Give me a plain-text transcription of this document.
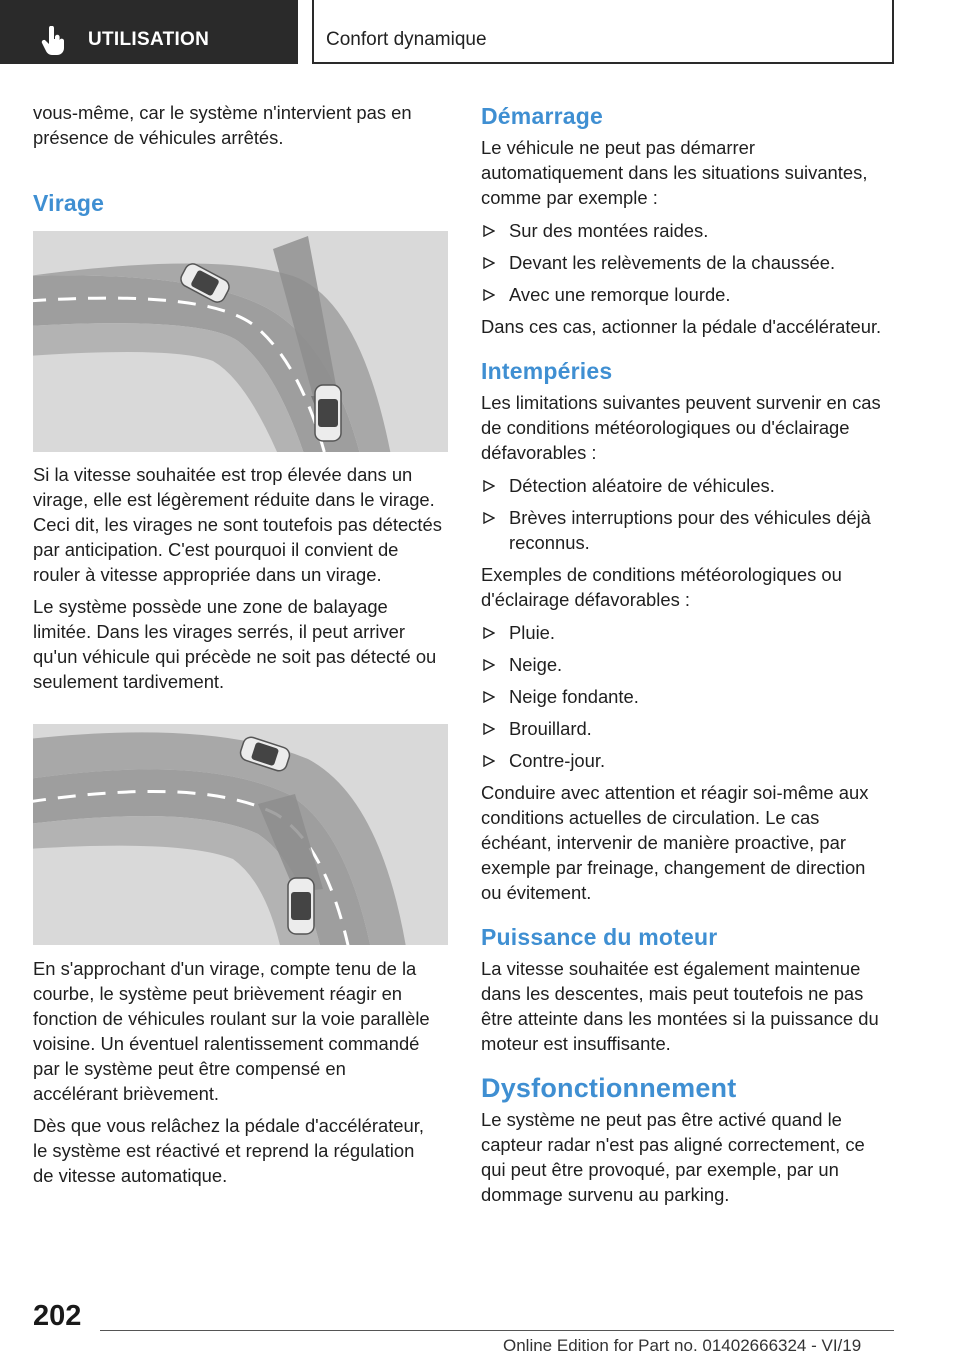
UTILISATION	Confort dynamique

vous-même, car le système n'intervient pas en présence de véhicules arrêtés.

Virage

Si la vitesse souhaitée est trop élevée dans un virage, elle est légèrement réduite dans le virage. Ceci dit, les virages ne sont toutefois pas détectés par anticipation. C'est pourquoi il convient de rouler à vitesse appropriée dans un virage.

Le système possède une zone de balayage limitée. Dans les virages serrés, il peut arriver qu'un véhicule qui précède ne soit pas détecté ou seulement tardivement.

En s'approchant d'un virage, compte tenu de la courbe, le système peut brièvement réagir en fonction de véhicules roulant sur la voie parallèle voisine. Un éventuel ralentissement commandé par le système peut être compensé en accélérant brièvement.

Dès que vous relâchez la pédale d'accélérateur, le système est réactivé et reprend la régulation de vitesse automatique.

Démarrage

Le véhicule ne peut pas démarrer automatiquement dans les situations suivantes, comme par exemple :

Sur des montées raides.

Devant les relèvements de la chaussée.

Avec une remorque lourde.

Dans ces cas, actionner la pédale d'accélérateur.

Intempéries

Les limitations suivantes peuvent survenir en cas de conditions météorologiques ou d'éclairage défavorables :

Détection aléatoire de véhicules.

Brèves interruptions pour des véhicules déjà reconnus.

Exemples de conditions météorologiques ou d'éclairage défavorables :

Pluie.

Neige.

Neige fondante.

Brouillard.

Contre-jour.

Conduire avec attention et réagir soi-même aux conditions actuelles de circulation. Le cas échéant, intervenir de manière proactive, par exemple par freinage, changement de direction ou évitement.

Puissance du moteur

La vitesse souhaitée est également maintenue dans les descentes, mais peut toutefois ne pas être atteinte dans les montées si la puissance du moteur est insuffisante.

Dysfonctionnement

Le système ne peut pas être activé quand le capteur radar n'est pas aligné correctement, ce qui peut être provoqué, par exemple, par un dommage survenu au parking.

202
Online Edition for Part no. 01402666324 - VI/19
